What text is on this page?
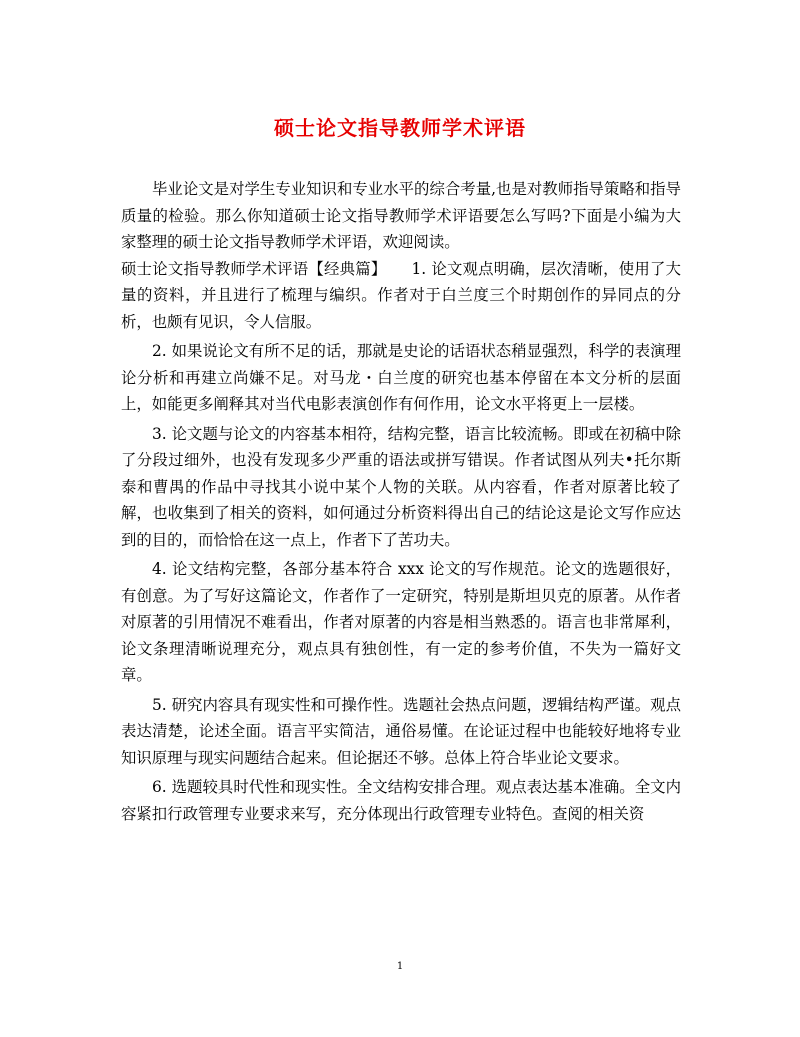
硕士论文指导教师学术评语

毕业论文是对学生专业知识和专业水平的综合考量,也是对教师指导策略和指导质量的检验。那么你知道硕士论文指导教师学术评语要怎么写吗?下面是小编为大家整理的硕士论文指导教师学术评语，欢迎阅读。

硕士论文指导教师学术评语【经典篇】 1. 论文观点明确，层次清晰，使用了大量的资料，并且进行了梳理与编织。作者对于白兰度三个时期创作的异同点的分析，也颇有见识，令人信服。

2. 如果说论文有所不足的话，那就是史论的话语状态稍显强烈，科学的表演理论分析和再建立尚嫌不足。对马龙・白兰度的研究也基本停留在本文分析的层面上，如能更多阐释其对当代电影表演创作有何作用，论文水平将更上一层楼。

3. 论文题与论文的内容基本相符，结构完整，语言比较流畅。即或在初稿中除了分段过细外，也没有发现多少严重的语法或拼写错误。作者试图从列夫•托尔斯泰和曹禺的作品中寻找其小说中某个人物的关联。从内容看，作者对原著比较了解，也收集到了相关的资料，如何通过分析资料得出自己的结论这是论文写作应达到的目的，而恰恰在这一点上，作者下了苦功夫。

4. 论文结构完整，各部分基本符合 xxx 论文的写作规范。论文的选题很好，有创意。为了写好这篇论文，作者作了一定研究，特别是斯坦贝克的原著。从作者对原著的引用情况不难看出，作者对原著的内容是相当熟悉的。语言也非常犀利，论文条理清晰说理充分，观点具有独创性，有一定的参考价值，不失为一篇好文章。

5. 研究内容具有现实性和可操作性。选题社会热点问题，逻辑结构严谨。观点表达清楚，论述全面。语言平实简洁，通俗易懂。在论证过程中也能较好地将专业知识原理与现实问题结合起来。但论据还不够。总体上符合毕业论文要求。

6. 选题较具时代性和现实性。全文结构安排合理。观点表达基本准确。全文内容紧扣行政管理专业要求来写，充分体现出行政管理专业特色。查阅的相关资

1
